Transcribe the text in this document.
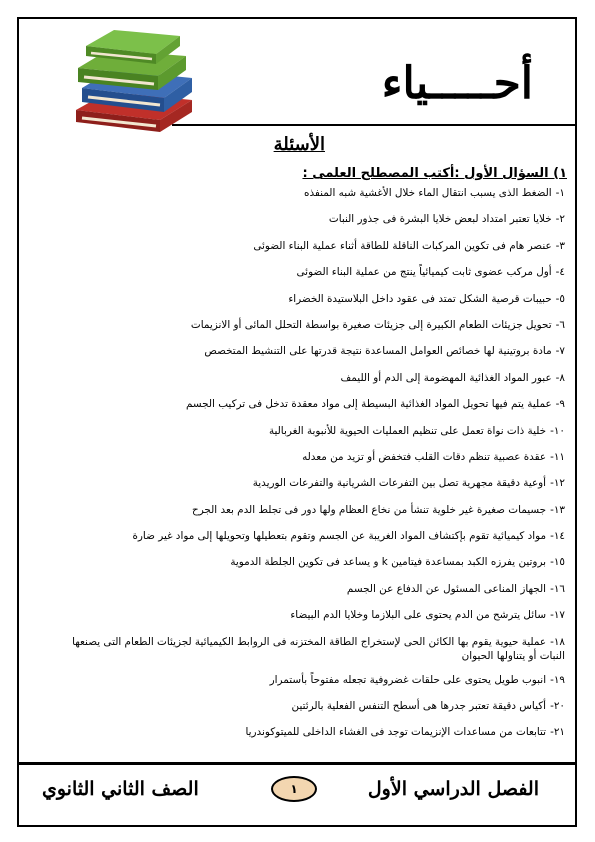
أحـــــياء
الأسئلة
١) السؤال الأول :أكتب المصطلح العلمى :
١-الضغط الذى يسبب انتقال الماء خلال الأغشية شبه المنفذه
٢-خلايا تعتبر امتداد لبعض خلايا البشرة فى جذور النبات
٣-عنصر هام فى تكوين المركبات الناقلة للطاقة أثناء عملية البناء الضوئى
٤-أول مركب عضوى ثابت كيميائياً ينتج من عملية البناء الضوئى
٥-حبيبات قرصية الشكل تمتد فى عقود داخل البلاستيدة الخضراء
٦-تحويل جزيئات الطعام الكبيرة إلى جزيئات صغيرة بواسطة التحلل المائى أو الانزيمات
٧-مادة بروتينية لها خصائص العوامل المساعدة نتيجة قدرتها على التنشيط المتخصص
٨-عبور المواد الغذائية المهضومة إلى الدم أو الليمف
٩-عملية يتم فيها تحويل المواد الغذائية البسيطة إلى مواد معقدة تدخل فى تركيب الجسم
١٠-خلية ذات نواة تعمل على تنظيم العمليات الحيوية للأنبوبة الغربالية
١١-عقدة عصبية تنظم دقات القلب فتخفض أو تزيد من معدله
١٢-أوعية دقيقة مجهرية تصل بين التفرعات الشريانية والتفرعات الوريدية
١٣-جسيمات صغيرة غير خلوية تنشأ من نخاع العظام ولها دور فى تجلط الدم بعد الجرح
١٤-مواد كيميائية تقوم بإكتشاف المواد الغريبة عن الجسم وتقوم بتعطيلها وتحويلها إلى مواد غير ضارة
١٥-بروتين يفرزه الكبد بمساعدة فيتامين k و يساعد فى تكوين الجلطة الدموية
١٦-الجهاز المناعى المسئول عن الدفاع عن الجسم
١٧-سائل يترشح من الدم يحتوى على البلازما وخلايا الدم البيضاء
١٨-عملية حيوية يقوم بها الكائن الحى لإستخراج الطاقة المختزنه فى الروابط الكيميائية لجزيئات الطعام التى يصنعها النبات أو يتناولها الحيوان
١٩-انبوب طويل يحتوى على حلقات غضروفية تجعله مفتوحاً بأستمرار
٢٠-أكياس دقيقة تعتبر جدرها هى أسطح التنفس الفعلية بالرئتين
٢١-تتابعات من مساعدات الإنزيمات توجد فى الغشاء الداخلى للميتوكوندريا
الصف الثاني الثانوي	١	الفصل الدراسي الأول
